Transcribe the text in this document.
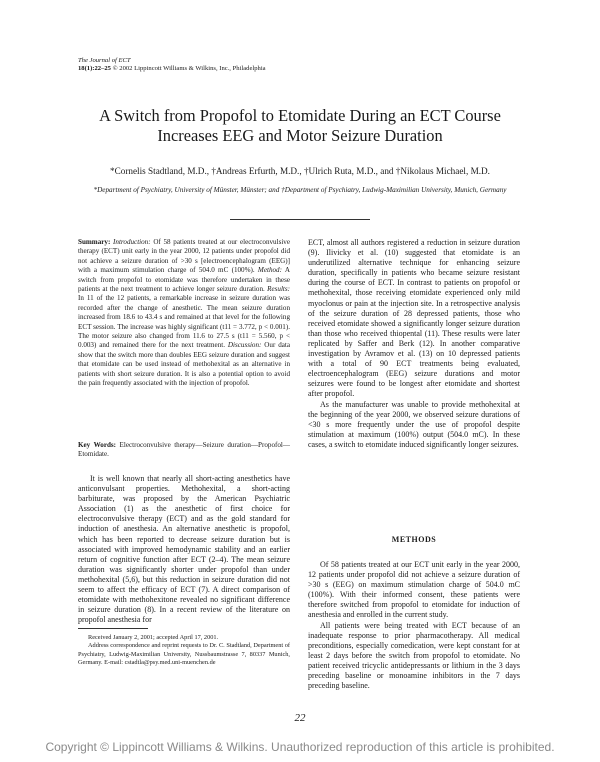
The Journal of ECT
18(1):22–25 © 2002 Lippincott Williams & Wilkins, Inc., Philadelphia
A Switch from Propofol to Etomidate During an ECT Course Increases EEG and Motor Seizure Duration
*Cornelis Stadtland, M.D., †Andreas Erfurth, M.D., †Ulrich Ruta, M.D., and †Nikolaus Michael, M.D.
*Department of Psychiatry, University of Münster, Münster; and †Department of Psychiatry, Ludwig-Maximilian University, Munich, Germany

Summary: Introduction: Of 58 patients treated at our electroconvulsive therapy (ECT) unit early in the year 2000, 12 patients under propofol did not achieve a seizure duration of >30 s [electroencephalogram (EEG)] with a maximum stimulation charge of 504.0 mC (100%). Method: A switch from propofol to etomidate was therefore undertaken in these patients at the next treatment to achieve longer seizure duration. Results: In 11 of the 12 patients, a remarkable increase in seizure duration was recorded after the change of anesthetic. The mean seizure duration increased from 18.6 to 43.4 s and remained at that level for the following ECT session. The increase was highly significant (t11 = 3.772, p < 0.001). The motor seizure also changed from 11.6 to 27.5 s (t11 = 5.560, p < 0.003) and remained there for the next treatment. Discussion: Our data show that the switch more than doubles EEG seizure duration and suggest that etomidate can be used instead of methohexital as an alternative in patients with short seizure duration. It is also a potential option to avoid the pain frequently associated with the injection of propofol.

Key Words: Electroconvulsive therapy—Seizure duration—Propofol—Etomidate.

It is well known that nearly all short-acting anesthetics have anticonvulsant properties. Methohexital, a short-acting barbiturate, was proposed by the American Psychiatric Association (1) as the anesthetic of first choice for electroconvulsive therapy (ECT) and as the gold standard for induction of anesthesia. An alternative anesthetic is propofol, which has been reported to decrease seizure duration but is associated with improved hemodynamic stability and an earlier return of cognitive function after ECT (2–4). The mean seizure duration was significantly shorter under propofol than under methohexital (5,6), but this reduction in seizure duration did not seem to affect the efficacy of ECT (7). A direct comparison of etomidate with methohexitone revealed no significant difference in seizure duration (8). In a recent review of the literature on propofol anesthesia for

ECT, almost all authors registered a reduction in seizure duration (9). Ilivicky et al. (10) suggested that etomidate is an underutilized alternative technique for enhancing seizure duration, specifically in patients who became seizure resistant during the course of ECT. In contrast to patients on propofol or methohexital, those receiving etomidate experienced only mild myoclonus or pain at the injection site. In a retrospective analysis of the seizure duration of 28 depressed patients, those who received etomidate showed a significantly longer seizure duration than those who received thiopental (11). These results were later replicated by Saffer and Berk (12). In another comparative investigation by Avramov et al. (13) on 10 depressed patients with a total of 90 ECT treatments being evaluated, electroencephalogram (EEG) seizure durations and motor seizures were found to be longest after etomidate and shortest after propofol.

As the manufacturer was unable to provide methohexital at the beginning of the year 2000, we observed seizure durations of <30 s more frequently under the use of propofol despite stimulation at maximum (100%) output (504.0 mC). In these cases, a switch to etomidate induced significantly longer seizures.

METHODS

Of 58 patients treated at our ECT unit early in the year 2000, 12 patients under propofol did not achieve a seizure duration of >30 s (EEG) on maximum stimulation charge of 504.0 mC (100%). With their informed consent, these patients were therefore switched from propofol to etomidate for induction of anesthesia and enrolled in the current study.

All patients were being treated with ECT because of an inadequate response to prior pharmacotherapy. All medical preconditions, especially comedication, were kept constant for at least 2 days before the switch from propofol to etomidate. No patient received tricyclic antidepressants or lithium in the 3 days preceding baseline or monoamine inhibitors in the 7 days preceding baseline.

Received January 2, 2001; accepted April 17, 2001.

Address correspondence and reprint requests to Dr. C. Stadtland, Department of Psychiatry, Ludwig-Maximilian University, Nussbaumstrasse 7, 80337 Munich, Germany. E-mail: cstadtla@psy.med.uni-muenchen.de

22
Copyright © Lippincott Williams & Wilkins. Unauthorized reproduction of this article is prohibited.
